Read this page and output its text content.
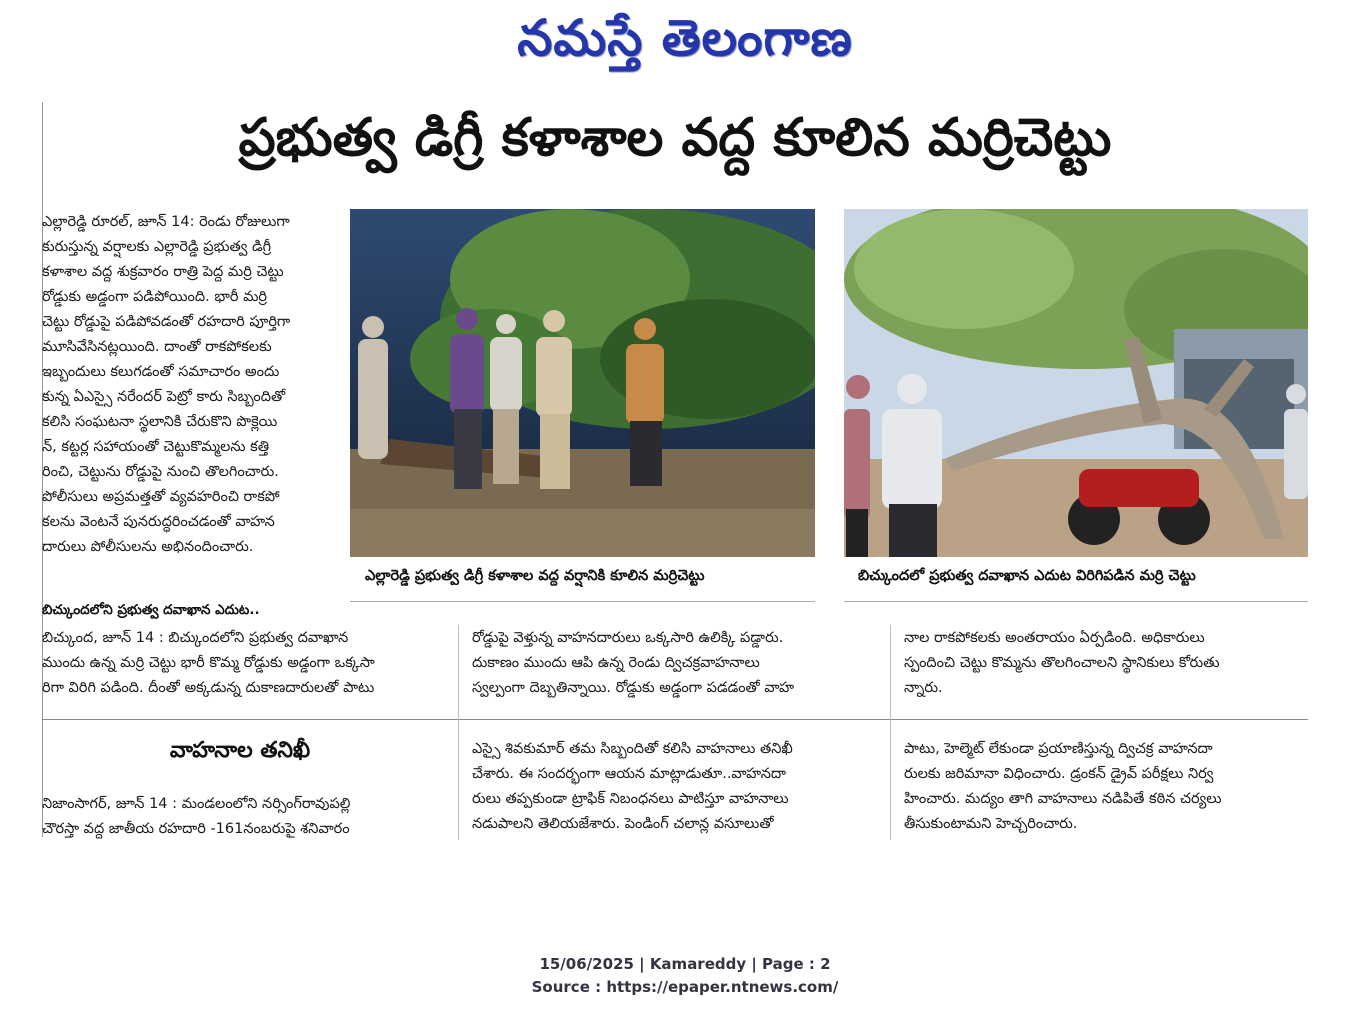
నమస్తే తెలంగాణ
ప్రభుత్వ డిగ్రీ కళాశాల వద్ద కూలిన మర్రిచెట్టు
ఎల్లారెడ్డి రూరల్, జూన్ 14: రెండు రోజులుగా
కురుస్తున్న వర్షాలకు ఎల్లారెడ్డి ప్రభుత్వ డిగ్రీ
కళాశాల వద్ద శుక్రవారం రాత్రి పెద్ద మర్రి చెట్టు
రోడ్డుకు అడ్డంగా పడిపోయింది. భారీ మర్రి
చెట్టు రోడ్డుపై పడిపోవడంతో రహదారి పూర్తిగా
మూసివేసినట్లయింది. దాంతో రాకపోకలకు
ఇబ్బందులు కలుగడంతో సమాచారం అందు
కున్న ఏఎస్సై నరేందర్ పెట్రో కారు సిబ్బందితో
కలిసి సంఘటనా స్థలానికి చేరుకొని పొక్లెయి
న్, కట్టర్ల సహాయంతో చెట్టుకొమ్మలను కత్తి
రించి, చెట్టును రోడ్డుపై నుంచి తొలగించారు.
పోలీసులు అప్రమత్తతో వ్యవహరించి రాకపో
కలను వెంటనే పునరుద్ధరించడంతో వాహన
దారులు పోలీసులను అభినందించారు.
ఎల్లారెడ్డి ప్రభుత్వ డిగ్రీ కళాశాల వద్ద వర్షానికి కూలిన మర్రిచెట్టు	బిచ్కుందలో ప్రభుత్వ దవాఖాన ఎదుట విరిగిపడిన మర్రి చెట్టు
బిచ్కుందలోని ప్రభుత్వ దవాఖాన ఎదుట..
బిచ్కుంద, జూన్ 14 : బిచ్కుందలోని ప్రభుత్వ దవాఖాన
ముందు ఉన్న మర్రి చెట్టు భారీ కొమ్మ రోడ్డుకు అడ్డంగా ఒక్కసా
రిగా విరిగి పడింది. దీంతో అక్కడున్న దుకాణదారులతో పాటు
రోడ్డుపై వెళ్తున్న వాహనదారులు ఒక్కసారి ఉలిక్కి పడ్డారు.
దుకాణం ముందు ఆపి ఉన్న రెండు ద్విచక్రవాహనాలు
స్వల్పంగా దెబ్బతిన్నాయి. రోడ్డుకు అడ్డంగా పడడంతో వాహ
నాల రాకపోకలకు అంతరాయం ఏర్పడింది. అధికారులు
స్పందించి చెట్టు కొమ్మను తొలగించాలని స్థానికులు కోరుతు
న్నారు.
వాహనాల తనిఖీ
నిజాంసాగర్, జూన్ 14 : మండలంలోని నర్సింగ్‌రావుపల్లి
చౌరస్తా వద్ద జాతీయ రహదారి -161నంబరుపై శనివారం
ఎస్సై శివకుమార్ తమ సిబ్బందితో కలిసి వాహనాలు తనిఖీ
చేశారు. ఈ సందర్భంగా ఆయన మాట్లాడుతూ..వాహనదా
రులు తప్పకుండా ట్రాఫిక్ నిబంధనలు పాటిస్తూ వాహనాలు
నడుపాలని తెలియజేశారు. పెండింగ్ చలాన్ల వసూలుతో
పాటు, హెల్మెట్ లేకుండా ప్రయాణిస్తున్న ద్విచక్ర వాహనదా
రులకు జరిమానా విధించారు. డ్రంకన్ డ్రైవ్ పరీక్షలు నిర్వ
హించారు. మద్యం తాగి వాహనాలు నడిపితే కఠిన చర్యలు
తీసుకుంటామని హెచ్చరించారు.
15/06/2025 | Kamareddy | Page : 2
Source : https://epaper.ntnews.com/
